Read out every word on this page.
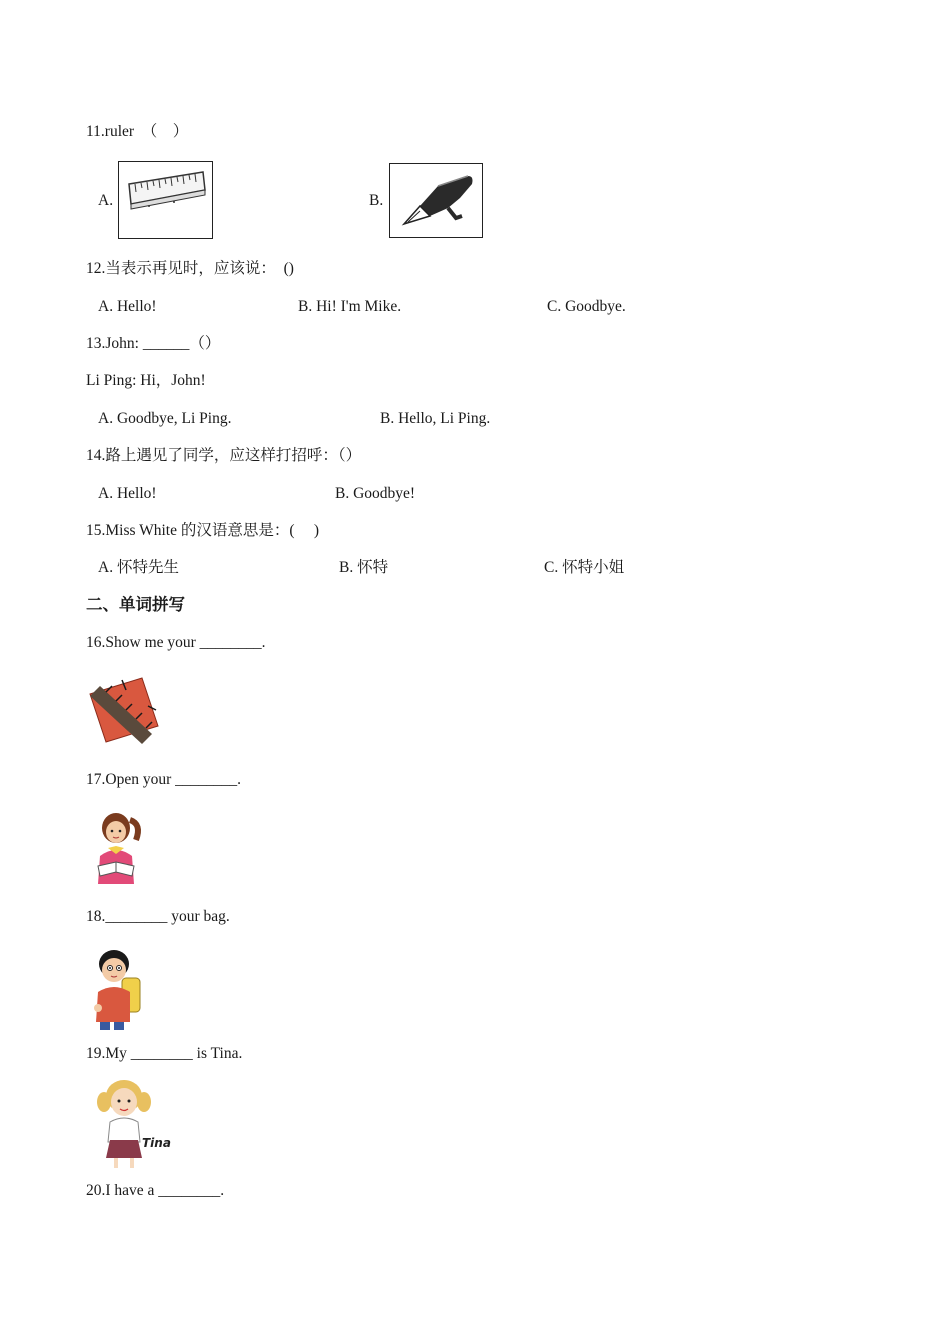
11.ruler　（　）
A.	B.
12.当表示再见时，应该说：　()
A. Hello!	B. Hi! I'm Mike.	C. Goodbye.
13.John: ______（）
Li Ping: Hi，John!
A. Goodbye, Li Ping.	B. Hello, Li Ping.
14.路上遇见了同学，应这样打招呼：（）
A. Hello!	B. Goodbye!
15.Miss White 的汉语意思是：(　 )
A. 怀特先生	B. 怀特	C. 怀特小姐
二、单词拼写
16.Show me your ________.
17.Open your ________.
18.________ your bag.
19.My ________ is Tina.
Tina
20.I have a ________.
